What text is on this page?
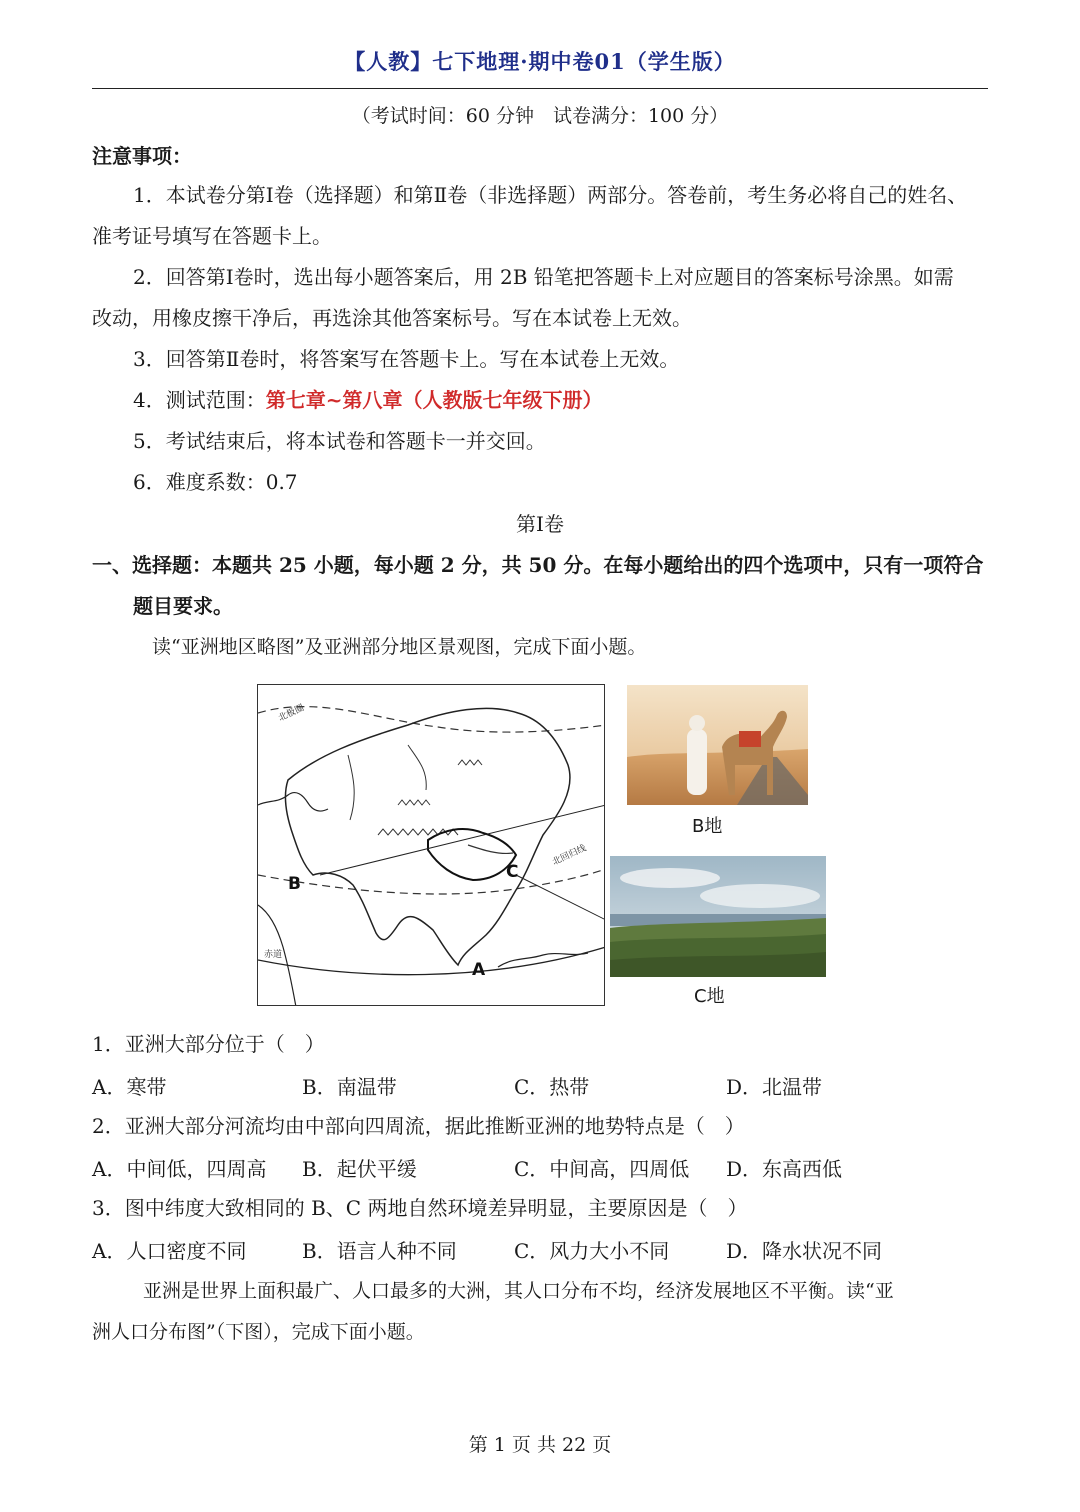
【人教】七下地理·期中卷01（学生版）
（考试时间：60 分钟　试卷满分：100 分）
注意事项：
1．本试卷分第Ⅰ卷（选择题）和第Ⅱ卷（非选择题）两部分。答卷前，考生务必将自己的姓名、
准考证号填写在答题卡上。
2．回答第Ⅰ卷时，选出每小题答案后，用 2B 铅笔把答题卡上对应题目的答案标号涂黑。如需
改动，用橡皮擦干净后，再选涂其他答案标号。写在本试卷上无效。
3．回答第Ⅱ卷时，将答案写在答题卡上。写在本试卷上无效。
4．测试范围：第七章~第八章（人教版七年级下册）
5．考试结束后，将本试卷和答题卡一并交回。
6．难度系数：0.7
第Ⅰ卷
一、选择题：本题共 25 小题，每小题 2 分，共 50 分。在每小题给出的四个选项中，只有一项符合
题目要求。
读“亚洲地区略图”及亚洲部分地区景观图，完成下面小题。
北极圈
北回归线
赤道
B
C
A
B地
C地
1．亚洲大部分位于（　）
A．寒带	B．南温带	C．热带	D．北温带
2．亚洲大部分河流均由中部向四周流，据此推断亚洲的地势特点是（　）
A．中间低，四周高 B．起伏平缓	C．中间高，四周低 D．东高西低
3．图中纬度大致相同的 B、C 两地自然环境差异明显，主要原因是（　）
A．人口密度不同	B．语言人种不同	C．风力大小不同	D．降水状况不同
亚洲是世界上面积最广、人口最多的大洲，其人口分布不均，经济发展地区不平衡。读“亚
洲人口分布图”（下图），完成下面小题。
第 1 页 共 22 页
